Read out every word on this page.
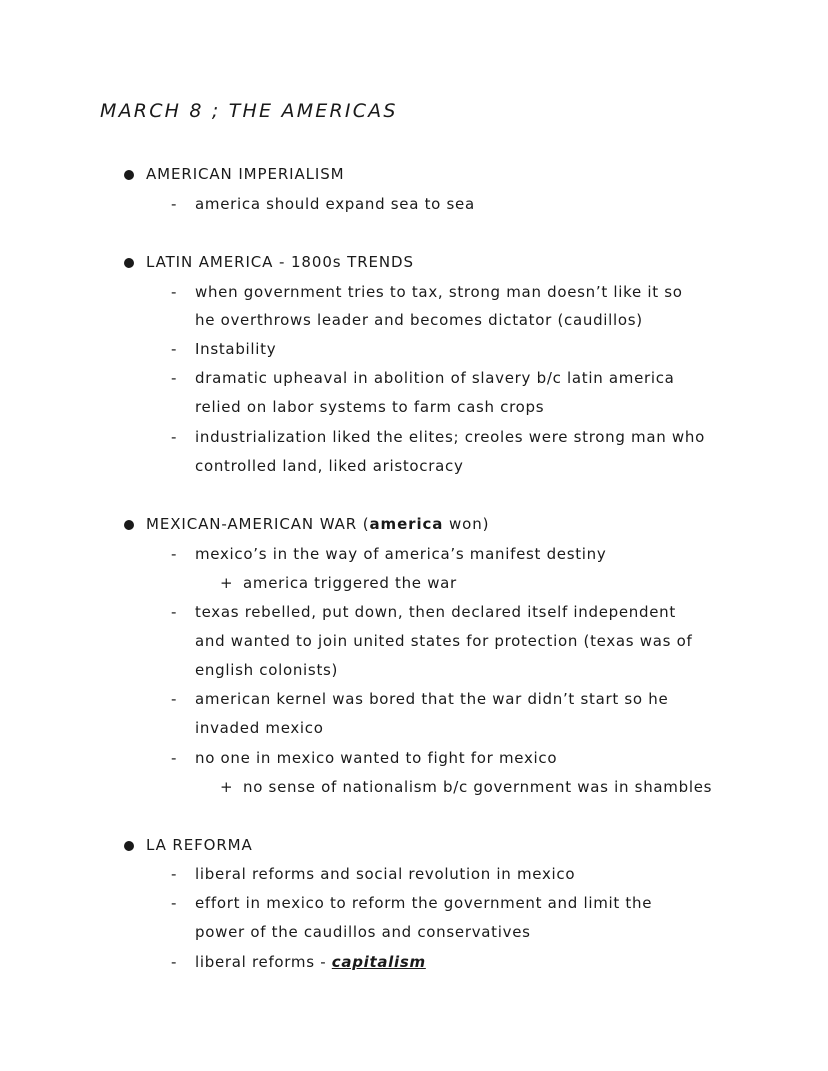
MARCH 8 ; THE AMERICAS
AMERICAN IMPERIALISM
- america should expand sea to sea
LATIN AMERICA - 1800s TRENDS
- when government tries to tax, strong man doesn’t like it so
he overthrows leader and becomes dictator (caudillos)
- Instability
- dramatic upheaval in abolition of slavery b/c latin america
relied on labor systems to farm cash crops
- industrialization liked the elites; creoles were strong man who
controlled land, liked aristocracy
MEXICAN-AMERICAN WAR (america won)
- mexico’s in the way of america’s manifest destiny
+ america triggered the war
- texas rebelled, put down, then declared itself independent
and wanted to join united states for protection (texas was of
english colonists)
- american kernel was bored that the war didn’t start so he
invaded mexico
- no one in mexico wanted to fight for mexico
+ no sense of nationalism b/c government was in shambles
LA REFORMA
- liberal reforms and social revolution in mexico
- effort in mexico to reform the government and limit the
power of the caudillos and conservatives
- liberal reforms - capitalism
